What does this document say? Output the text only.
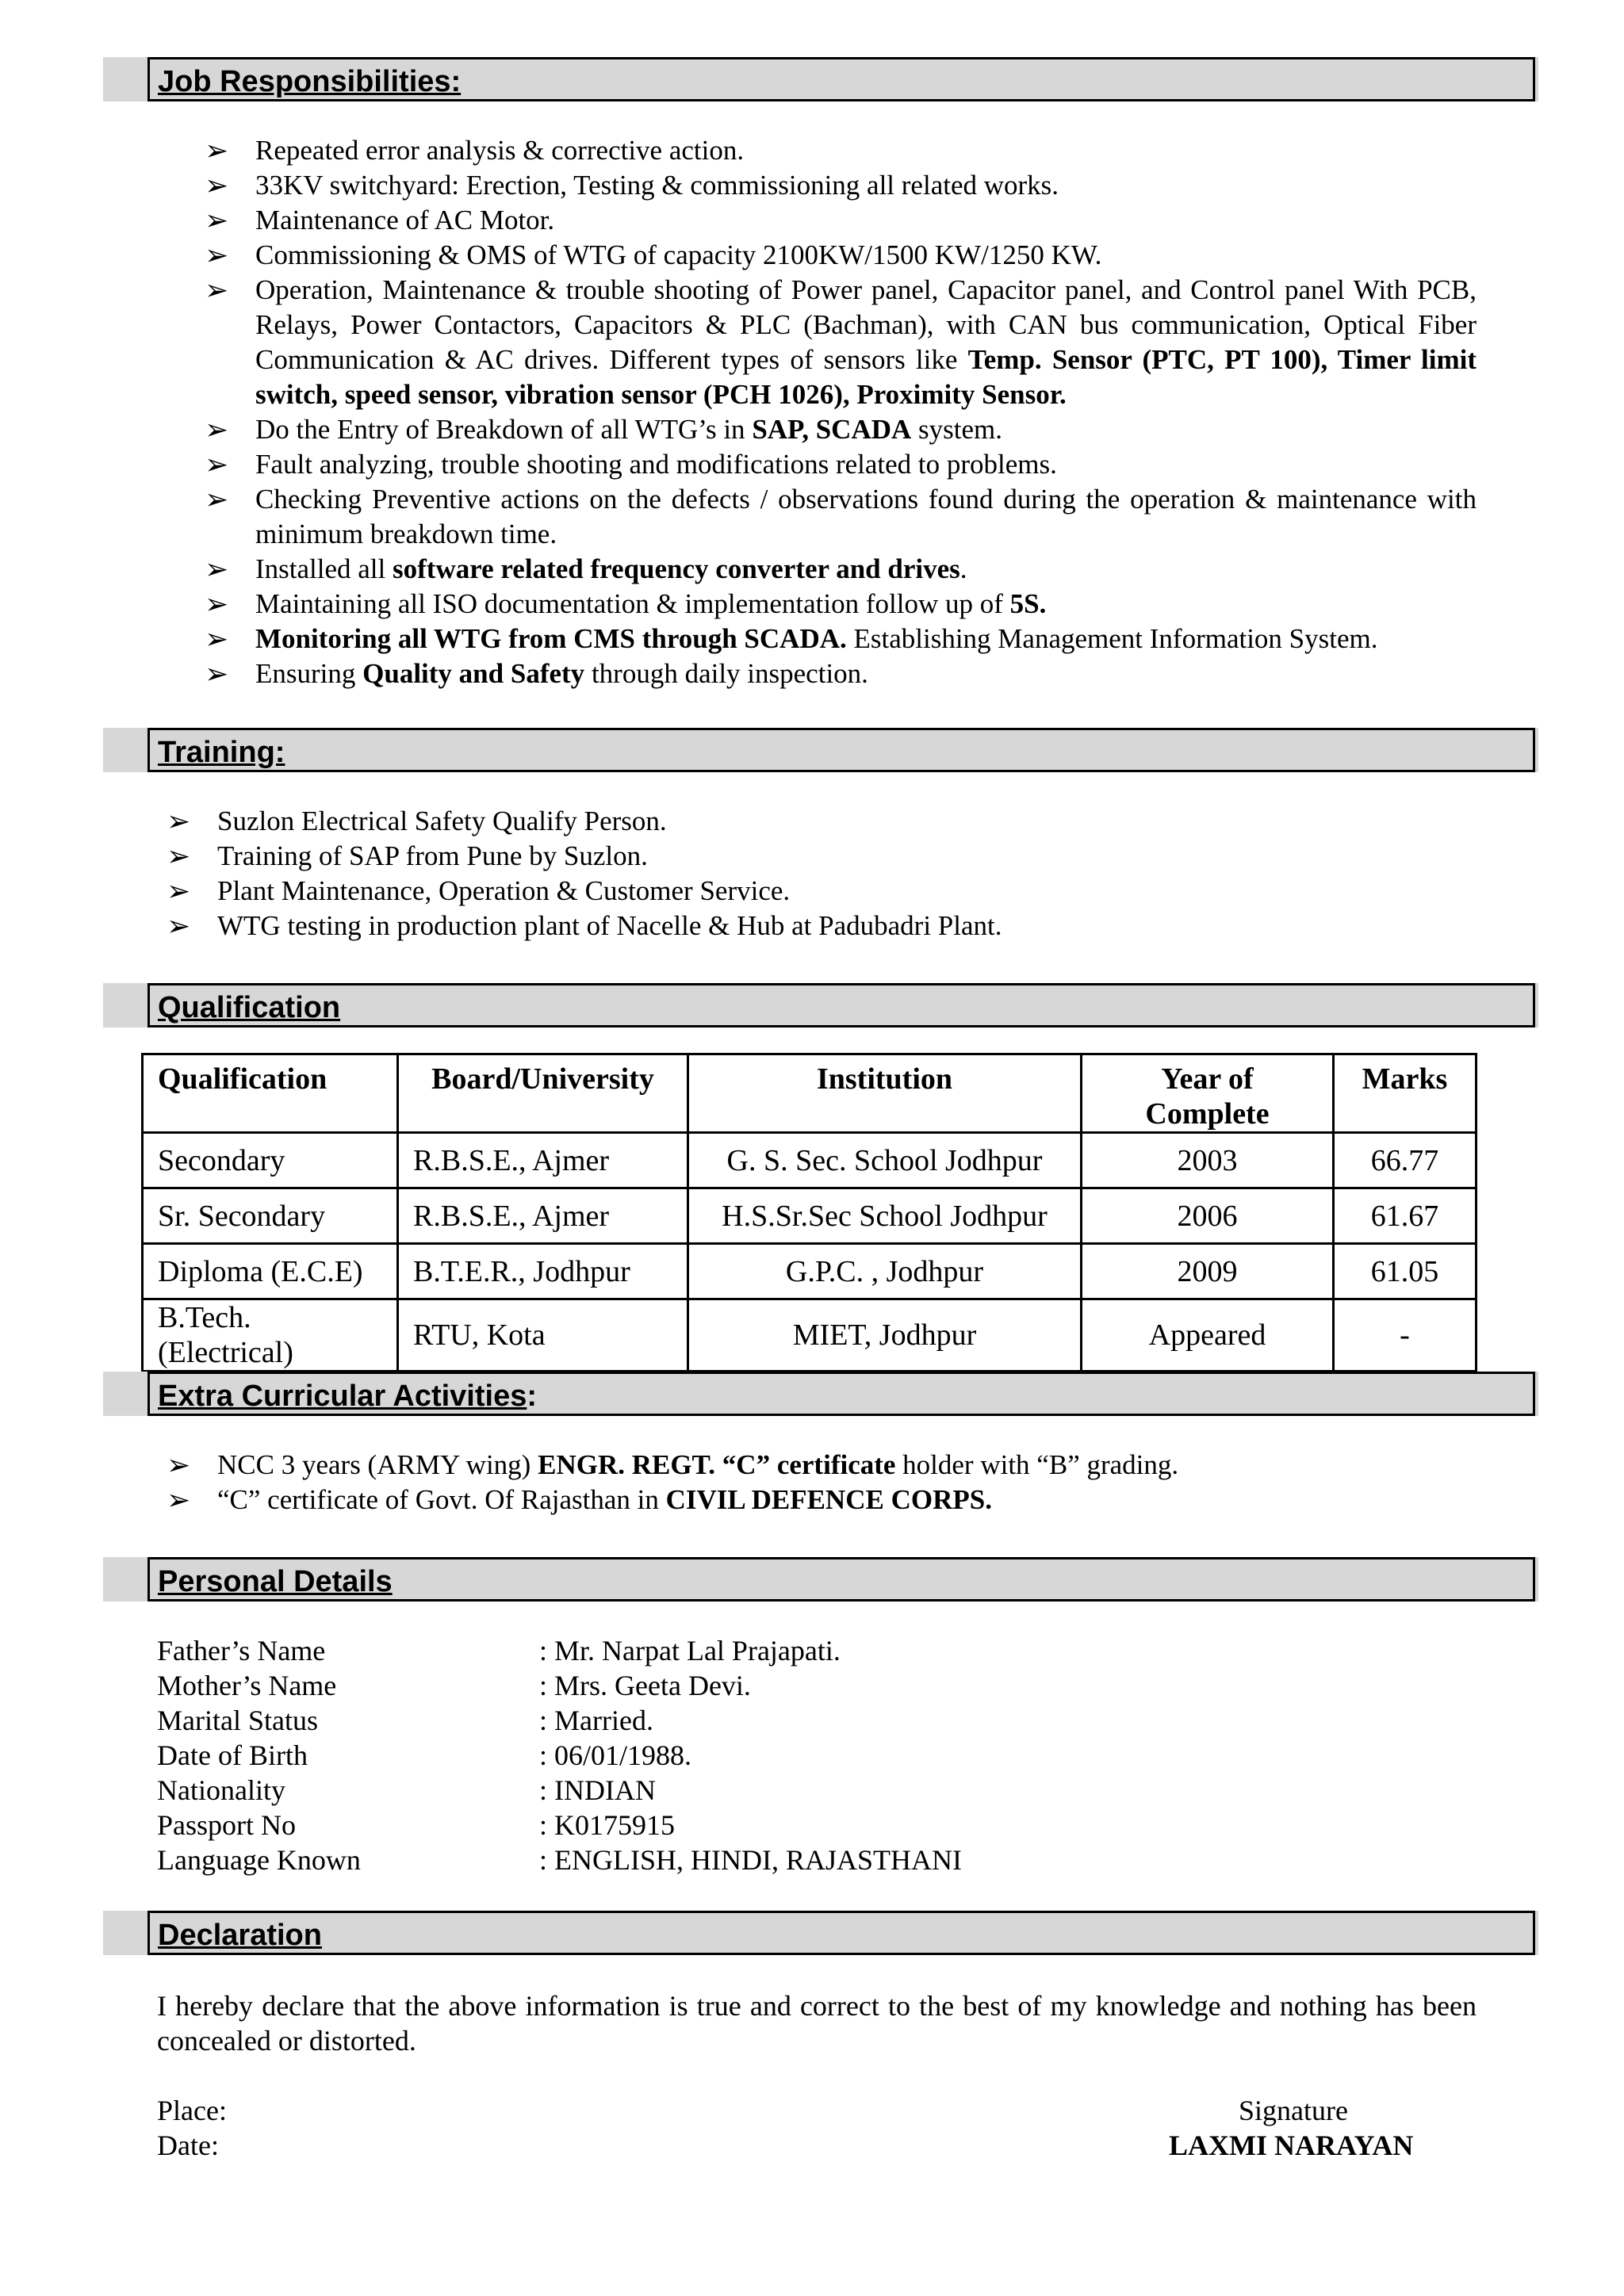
Job Responsibilities:
➢ Repeated error analysis & corrective action.
➢ 33KV switchyard: Erection, Testing & commissioning all related works.
➢ Maintenance of AC Motor.
➢ Commissioning & OMS of WTG of capacity 2100KW/1500 KW/1250 KW.
➢ Operation, Maintenance & trouble shooting of Power panel, Capacitor panel, and Control panel With PCB, Relays, Power Contactors, Capacitors & PLC (Bachman), with CAN bus communication, Optical Fiber Communication & AC drives. Different types of sensors like Temp. Sensor (PTC, PT 100), Timer limit switch, speed sensor, vibration sensor (PCH 1026), Proximity Sensor.
➢ Do the Entry of Breakdown of all WTG’s in SAP, SCADA system.
➢ Fault analyzing, trouble shooting and modifications related to problems.
➢ Checking Preventive actions on the defects / observations found during the operation & maintenance with minimum breakdown time.
➢ Installed all software related frequency converter and drives.
➢ Maintaining all ISO documentation & implementation follow up of 5S.
➢ Monitoring all WTG from CMS through SCADA. Establishing Management Information System.
➢ Ensuring Quality and Safety through daily inspection.
Training:
➢ Suzlon Electrical Safety Qualify Person.
➢ Training of SAP from Pune by Suzlon.
➢ Plant Maintenance, Operation & Customer Service.
➢ WTG testing in production plant of Nacelle & Hub at Padubadri Plant.
Qualification
Qualification	Board/University	Institution	Year of Complete	Marks
Secondary	R.B.S.E., Ajmer	G. S. Sec. School Jodhpur	2003	66.77
Sr. Secondary	R.B.S.E., Ajmer	H.S.Sr.Sec School Jodhpur	2006	61.67
Diploma (E.C.E)	B.T.E.R., Jodhpur	G.P.C. , Jodhpur	2009	61.05
B.Tech.(Electrical)	RTU, Kota	MIET, Jodhpur	Appeared	-
Extra Curricular Activities:
➢ NCC 3 years (ARMY wing) ENGR. REGT. “C” certificate holder with “B” grading.
➢ “C” certificate of Govt. Of Rajasthan in CIVIL DEFENCE CORPS.
Personal Details
Father’s Name	: Mr. Narpat Lal Prajapati.
Mother’s Name	: Mrs. Geeta Devi.
Marital Status	: Married.
Date of Birth	: 06/01/1988.
Nationality	: INDIAN
Passport No	: K0175915
Language Known	: ENGLISH, HINDI, RAJASTHANI
Declaration
I hereby declare that the above information is true and correct to the best of my knowledge and nothing has been concealed or distorted.
Place:
Date:
Signature
LAXMI NARAYAN
